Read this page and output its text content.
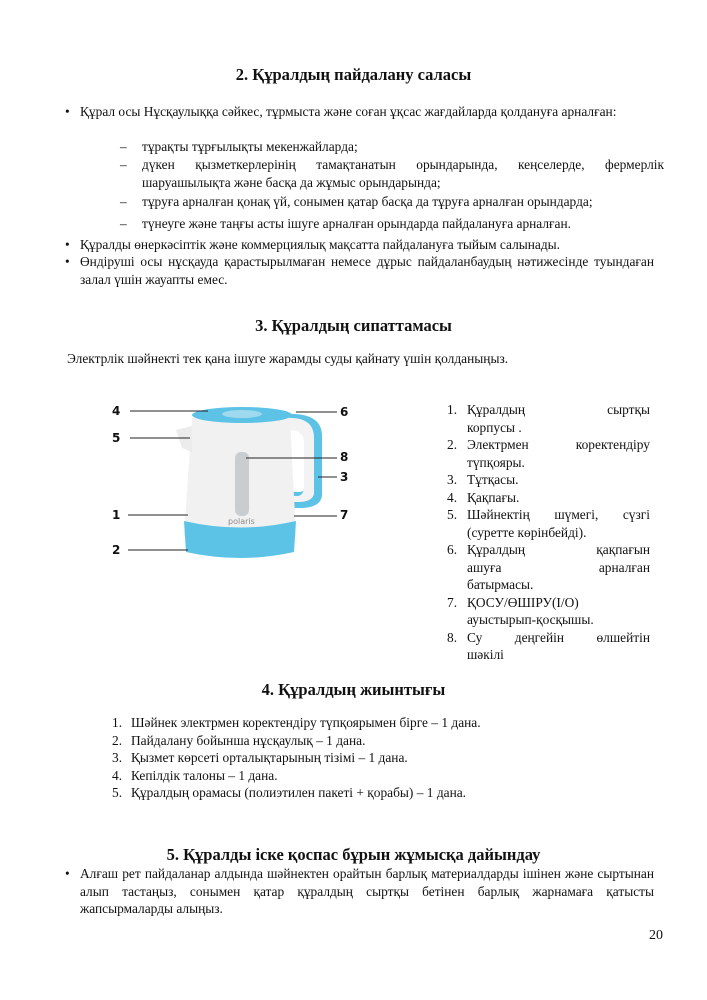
2. Құралдың пайдалану саласы
• Құрал осы Нұсқаулыққа сәйкес, тұрмыста және соған ұқсас жағдайларда қолдануға арналған:
– тұрақты тұрғылықты мекенжайларда;
– дүкен қызметкерлерінің тамақтанатын орындарында, кеңселерде, фермерлік шаруашылықта және басқа да жұмыс орындарында;
– тұруға арналған қонақ үй, сонымен қатар басқа да тұруға арналған орындарда;
– түнеуге және таңғы асты ішуге арналған орындарда пайдалануға арналған.
• Құралды өнеркәсіптік және коммерциялық мақсатта пайдалануға тыйым салынады.
• Өндіруші осы нұсқауда қарастырылмаған немесе дұрыс пайдаланбаудың нәтижесінде туындаған залал үшін жауапты емес.
3. Құралдың сипаттамасы
Электрлік шәйнекті тек қана ішуге жарамды суды қайнату үшін қолданыңыз.
polaris
4
5
1
2
6
8
3
7
1. Құралдың сыртқы
корпусы .
2. Электрмен коректендіру
түпқояры.
3. Тұтқасы.
4. Қақпағы.
5. Шәйнектің шүмегі, сүзгі
(суретте көрінбейді).
6. Құралдың қақпағын
ашуға арналған
батырмасы.
7. ҚОСУ/ӨШІРУ(I/O)
ауыстырып-қосқышы.
8. Су деңгейін өлшейтін
шәкілі
4. Құралдың жиынтығы
1. Шәйнек электрмен коректендіру түпқоярымен бірге – 1 дана.
2. Пайдалану бойынша нұсқаулық – 1 дана.
3. Қызмет көрсеті орталықтарының тізімі – 1 дана.
4. Кепілдік талоны – 1 дана.
5. Құралдың орамасы (полиэтилен пакеті + қорабы) – 1 дана.
5. Құралды іске қоспас бұрын жұмысқа дайындау
• Алғаш рет пайдаланар алдында шәйнектен орайтын барлық материалдарды ішінен және сыртынан алып тастаңыз, сонымен қатар құралдың сыртқы бетінен барлық жарнамаға қатысты жапсырмаларды алыңыз.
20
